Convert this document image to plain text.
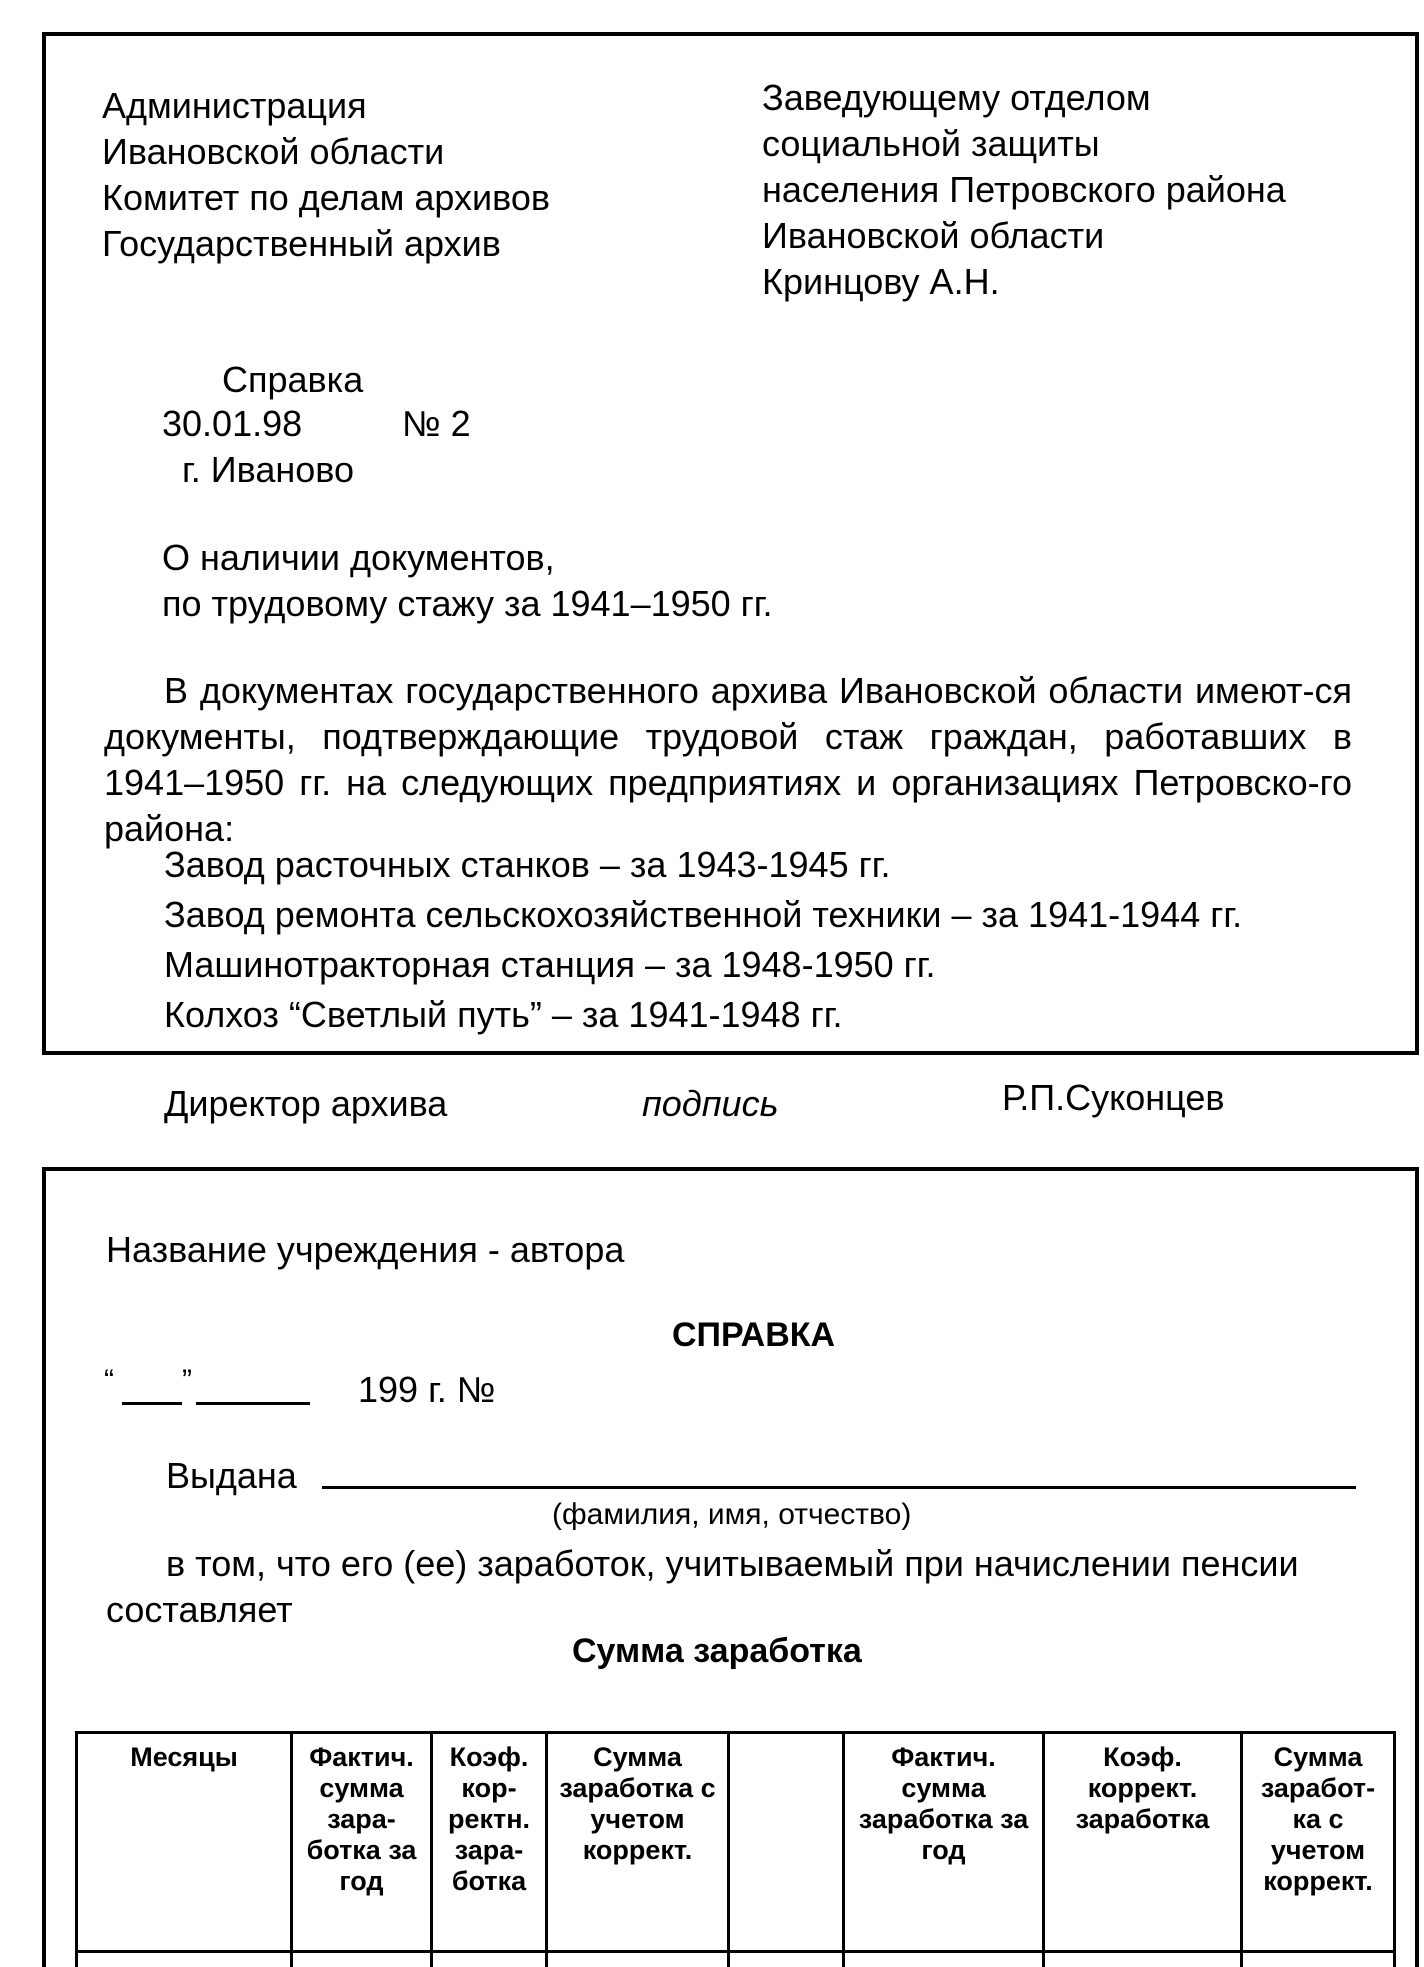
Администрация
Ивановской области
Комитет по делам архивов
Государственный архив
Заведующему отделом
социальной защиты
населения Петровского района
Ивановской области
Кринцову А.Н.
Справка
30.01.98	№ 2
г. Иваново
О наличии документов,
по трудовому стажу за 1941–1950 гг.

В документах государственного архива Ивановской области имеют-ся документы, подтверждающие трудовой стаж граждан, работавших в 1941–1950 гг. на следующих предприятиях и организациях Петровско-го района:

Завод расточных станков – за 1943-1945 гг.
Завод ремонта сельскохозяйственной техники – за 1941-1944 гг.
Машинотракторная станция – за 1948-1950 гг.
Колхоз “Светлый путь” – за 1941-1948 гг.
Директор архива	подпись	Р.П.Суконцев
Название учреждения - автора
СПРАВКА
“ ”	199 г. №
Выдана
(фамилия, имя, отчество)
в том, что его (ее) заработок, учитываемый при начислении пенсии
составляет
Сумма заработка
Месяцы	Фактич. сумма зара- ботка за год	Коэф. кор- ректн. зара- ботка	Сумма заработка с учетом коррект.		Фактич. сумма заработка за год	Коэф. коррект. заработка	Сумма заработ- ка с учетом коррект.
